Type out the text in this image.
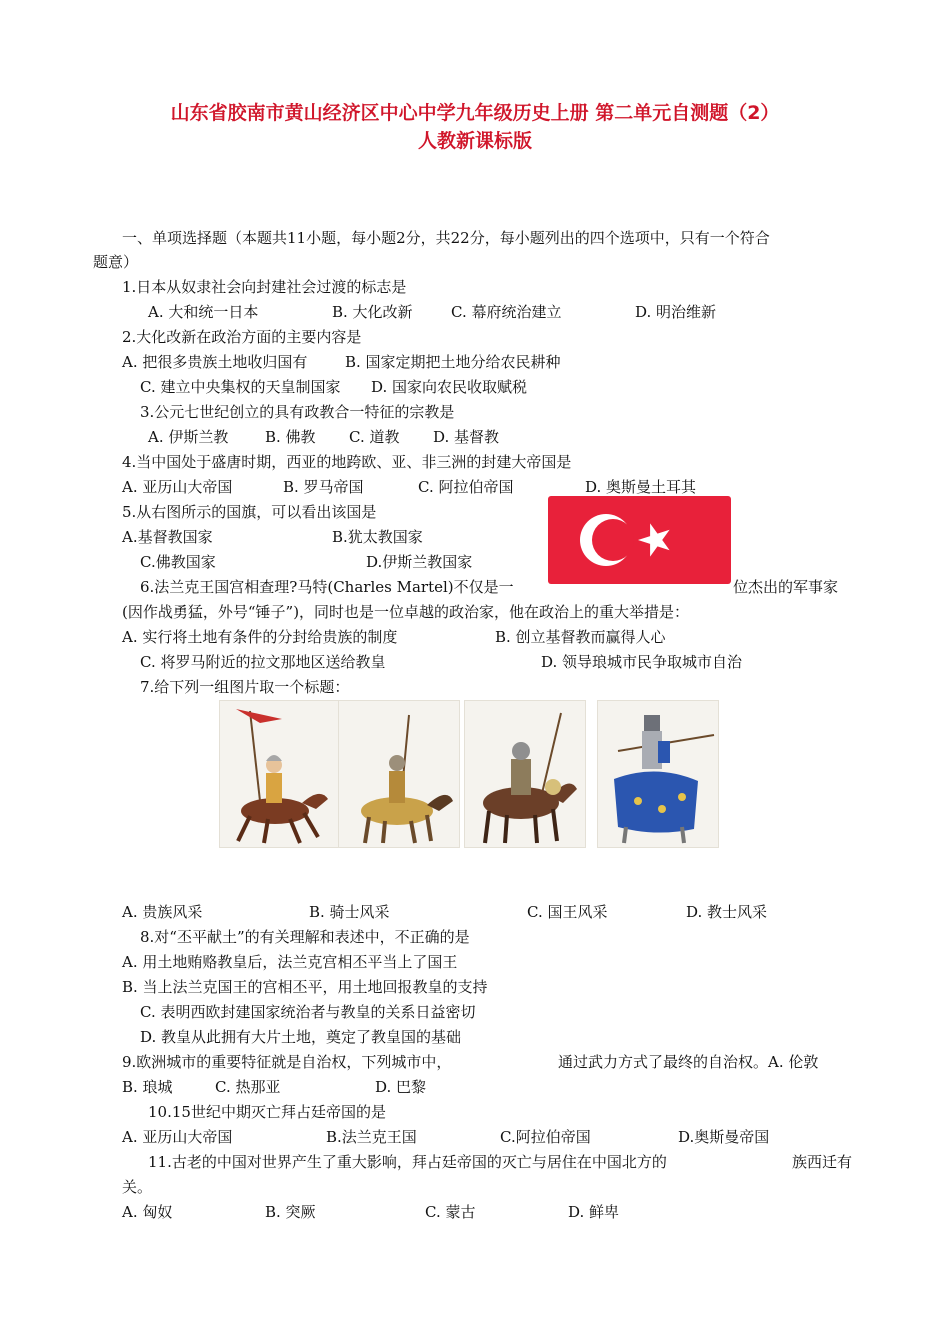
山东省胶南市黄山经济区中心中学九年级历史上册 第二单元自测题（2）
人教新课标版
一、单项选择题（本题共11小题，每小题2分，共22分，每小题列出的四个选项中，只有一个符合
题意）
1.日本从奴隶社会向封建社会过渡的标志是
A. 大和统一日本	B. 大化改新	C. 幕府统治建立	D. 明治维新
2.大化改新在政治方面的主要内容是
A. 把很多贵族土地收归国有	B. 国家定期把土地分给农民耕种
C. 建立中央集权的天皇制国家 D. 国家向农民收取赋税
3.公元七世纪创立的具有政教合一特征的宗教是
A. 伊斯兰教 B. 佛教 C. 道教 D. 基督教
4.当中国处于盛唐时期，西亚的地跨欧、亚、非三洲的封建大帝国是
A. 亚历山大帝国	B. 罗马帝国	C. 阿拉伯帝国	D. 奥斯曼土耳其
5.从右图所示的国旗，可以看出该国是
A.基督教国家	B.犹太教国家
C.佛教国家	D.伊斯兰教国家
6.法兰克王国宫相查理?马特(Charles Martel)不仅是一	位杰出的军事家
(因作战勇猛，外号“锤子”)，同时也是一位卓越的政治家，他在政治上的重大举措是：
A. 实行将土地有条件的分封给贵族的制度	B. 创立基督教而赢得人心
C. 将罗马附近的拉文那地区送给教皇	D. 领导琅城市民争取城市自治
7.给下列一组图片取一个标题：
A. 贵族风采	B. 骑士风采	C. 国王风采	D. 教士风采
8.对“丕平献土”的有关理解和表述中，不正确的是
A. 用土地贿赂教皇后，法兰克宫相丕平当上了国王
B. 当上法兰克国王的宫相丕平，用土地回报教皇的支持
C. 表明西欧封建国家统治者与教皇的关系日益密切
D. 教皇从此拥有大片土地，奠定了教皇国的基础
9.欧洲城市的重要特征就是自治权，下列城市中，	通过武力方式了最终的自治权。A. 伦敦
B. 琅城	C. 热那亚	D. 巴黎
10.15世纪中期灭亡拜占廷帝国的是
A. 亚历山大帝国	B.法兰克王国	C.阿拉伯帝国	D.奥斯曼帝国
11.古老的中国对世界产生了重大影响，拜占廷帝国的灭亡与居住在中国北方的	族西迁有
关。
A. 匈奴	B. 突厥	C. 蒙古	D. 鲜卑
